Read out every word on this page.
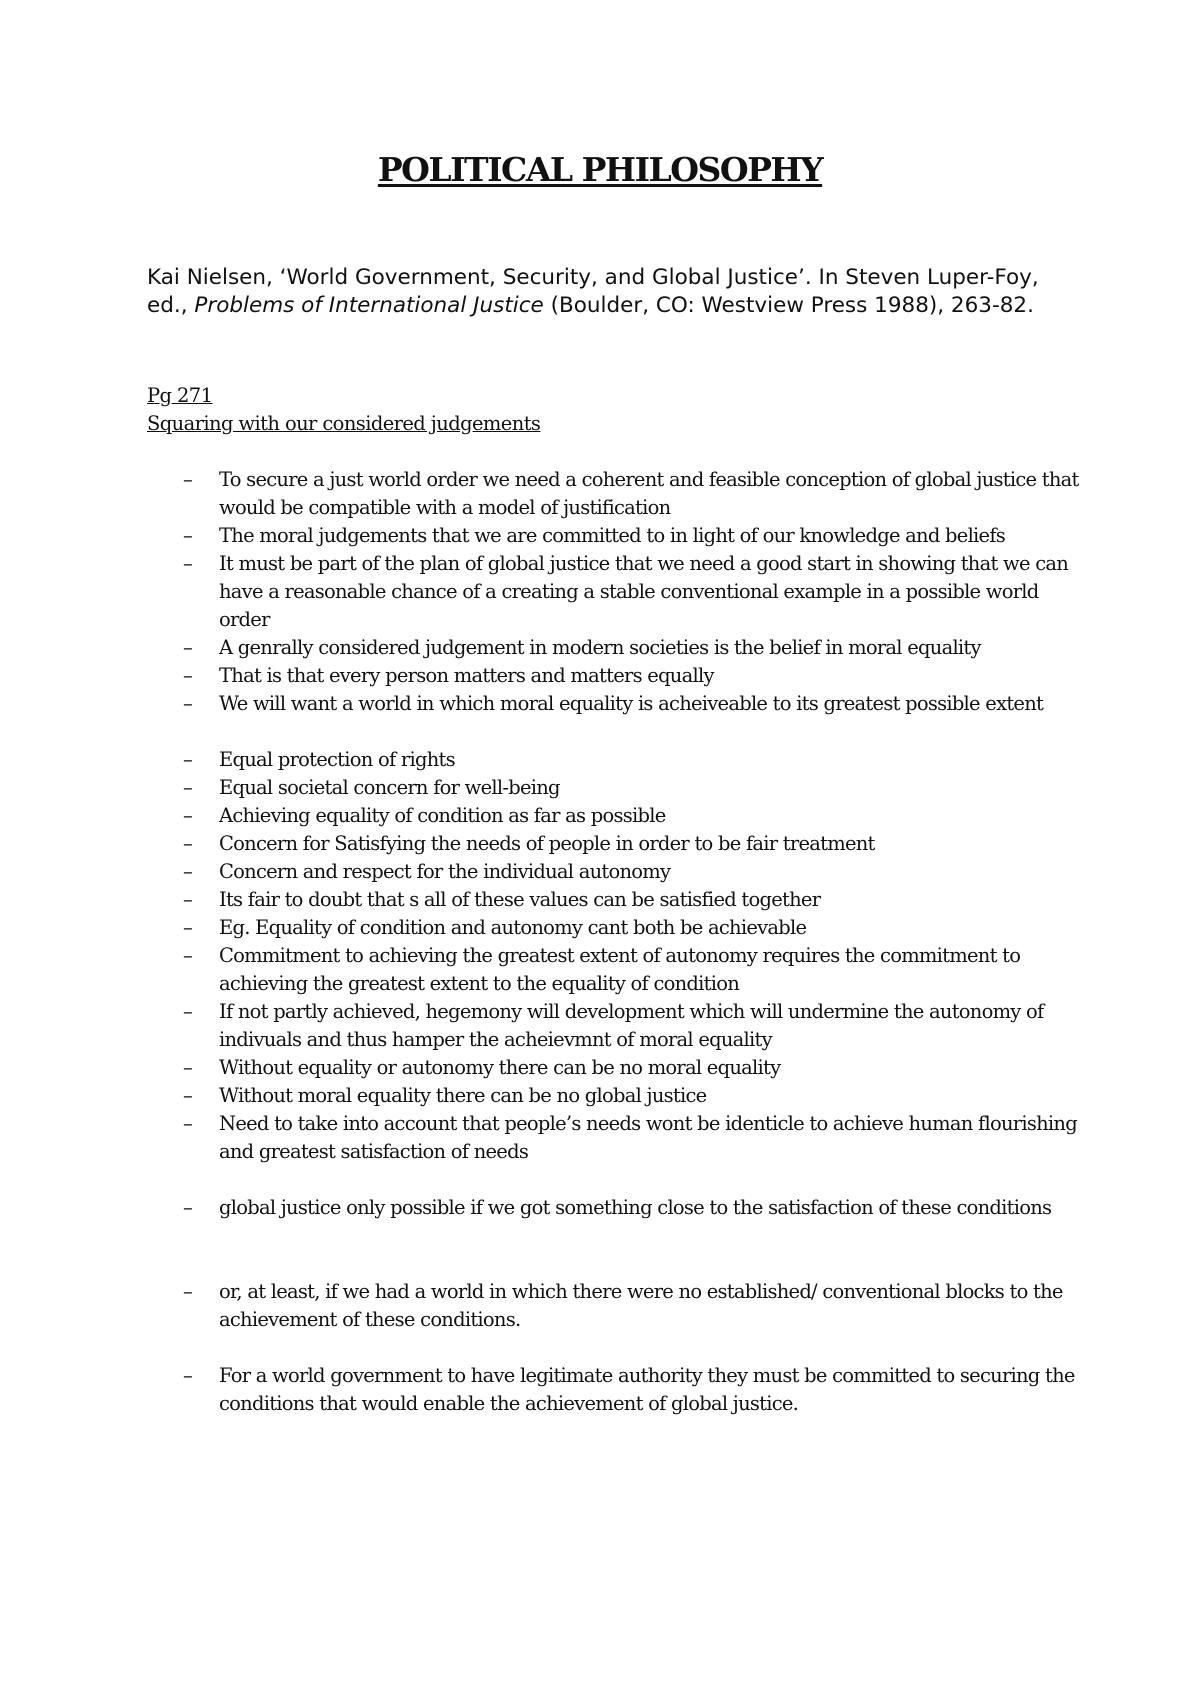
POLITICAL PHILOSOPHY

Kai Nielsen, ‘World Government, Security, and Global Justice’. In Steven Luper-Foy, ed., Problems of International Justice (Boulder, CO: Westview Press 1988), 263-82.

Pg 271

Squaring with our considered judgements

– To secure a just world order we need a coherent and feasible conception of global justice that would be compatible with a model of justification
– The moral judgements that we are committed to in light of our knowledge and beliefs
– It must be part of the plan of global justice that we need a good start in showing that we can have a reasonable chance of a creating a stable conventional example in a possible world order
– A genrally considered judgement in modern societies is the belief in moral equality
– That is that every person matters and matters equally
– We will want a world in which moral equality is acheiveable to its greatest possible extent
– Equal protection of rights
– Equal societal concern for well-being
– Achieving equality of condition as far as possible
– Concern for Satisfying the needs of people in order to be fair treatment
– Concern and respect for the individual autonomy
– Its fair to doubt that s all of these values can be satisfied together
– Eg. Equality of condition and autonomy cant both be achievable
– Commitment to achieving the greatest extent of autonomy requires the commitment to achieving the greatest extent to the equality of condition
– If not partly achieved, hegemony will development which will undermine the autonomy of indivuals and thus hamper the acheievmnt of moral equality
– Without equality or autonomy there can be no moral equality
– Without moral equality there can be no global justice
– Need to take into account that people’s needs wont be identicle to achieve human flourishing and greatest satisfaction of needs
– global justice only possible if we got something close to the satisfaction of these conditions
– or, at least, if we had a world in which there were no established/ conventional blocks to the achievement of these conditions.
– For a world government to have legitimate authority they must be committed to securing the conditions that would enable the achievement of global justice.
